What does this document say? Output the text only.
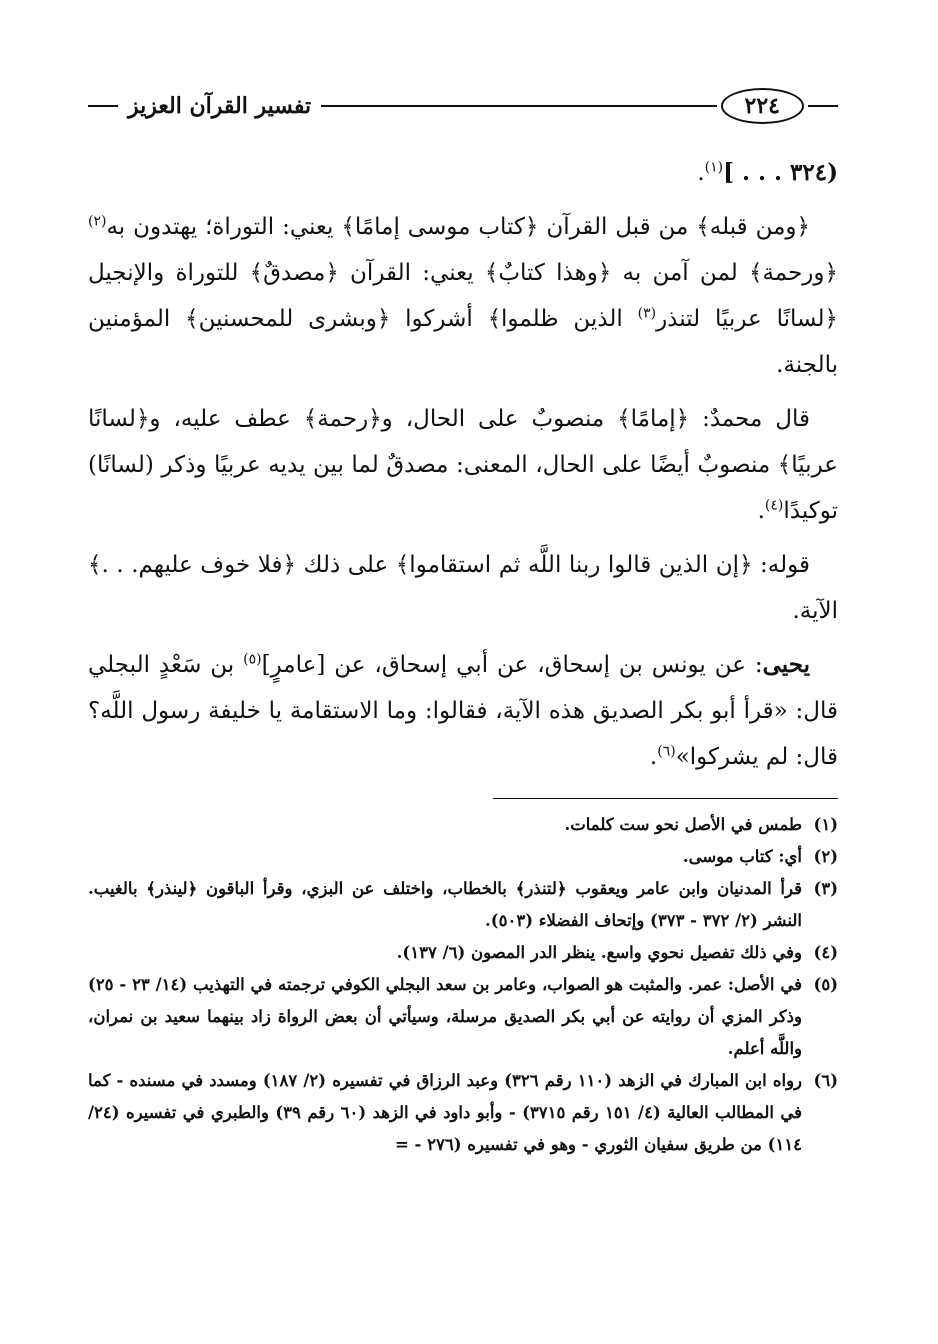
٢٢٤
تفسير القرآن العزيز

(٣٢٤ . . . ]$^{(١)}$.

﴿ومن قبله﴾ من قبل القرآن ﴿كتاب موسى إمامًا﴾ يعني: التوراة؛ يهتدون به$^{(٢)}$ ﴿ورحمة﴾ لمن آمن به ﴿وهذا كتابٌ﴾ يعني: القرآن ﴿مصدقٌ﴾ للتوراة والإنجيل ﴿لسانًا عربيًا لتنذر$^{(٣)}$ الذين ظلموا﴾ أشركوا ﴿وبشرى للمحسنين﴾ المؤمنين بالجنة.

قال محمدٌ: ﴿إمامًا﴾ منصوبٌ على الحال، و﴿رحمة﴾ عطف عليه، و﴿لسانًا عربيًا﴾ منصوبٌ أيضًا على الحال، المعنى: مصدقٌ لما بين يديه عربيًا وذكر (لسانًا) توكيدًا$^{(٤)}$.

قوله: ﴿إن الذين قالوا ربنا اللَّه ثم استقاموا﴾ على ذلك ﴿فلا خوف عليهم. . .﴾ الآية.

يحيى: عن يونس بن إسحاق، عن أبي إسحاق، عن [عامرٍ]$^{(٥)}$ بن سَعْدٍ البجلي قال: «قرأ أبو بكر الصديق هذه الآية، فقالوا: وما الاستقامة يا خليفة رسول اللَّه؟ قال: لم يشركوا»$^{(٦)}$.

(١)
طمس في الأصل نحو ست كلمات.
(٢)
أي: كتاب موسى.
(٣)
قرأ المدنيان وابن عامر ويعقوب ﴿لتنذر﴾ بالخطاب، واختلف عن البزي، وقرأ الباقون ﴿لينذر﴾ بالغيب. النشر (٢/ ٣٧٢ - ٣٧٣) وإتحاف الفضلاء (٥٠٣).
(٤)
وفي ذلك تفصيل نحوي واسع. ينظر الدر المصون (٦/ ١٣٧).
(٥)
في الأصل: عمر. والمثبت هو الصواب، وعامر بن سعد البجلي الكوفي ترجمته في التهذيب (١٤/ ٢٣ - ٢٥) وذكر المزي أن روايته عن أبي بكر الصديق مرسلة، وسيأتي أن بعض الرواة زاد بينهما سعيد بن نمران، واللَّه أعلم.
(٦)
رواه ابن المبارك في الزهد (١١٠ رقم ٣٢٦) وعبد الرزاق في تفسيره (٢/ ١٨٧) ومسدد في مسنده - كما في المطالب العالية (٤/ ١٥١ رقم ٣٧١٥) - وأبو داود في الزهد (٦٠ رقم ٣٩) والطبري في تفسيره (٢٤/ ١١٤) من طريق سفيان الثوري - وهو في تفسيره (٢٧٦ - =
